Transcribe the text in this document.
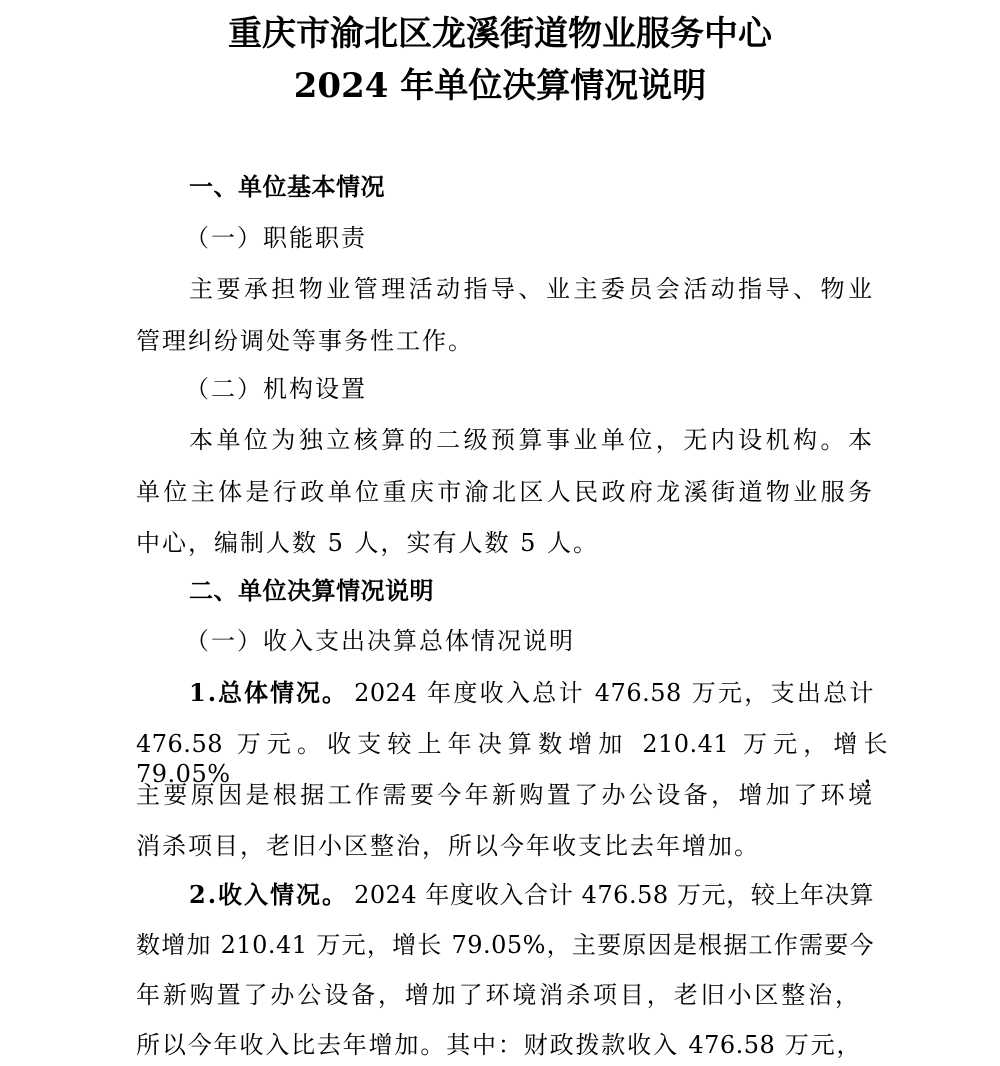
重庆市渝北区龙溪街道物业服务中心
2024 年单位决算情况说明
一、单位基本情况
（一）职能职责
主要承担物业管理活动指导、业主委员会活动指导、物业
管理纠纷调处等事务性工作。
（二）机构设置
本单位为独立核算的二级预算事业单位，无内设机构。本
单位主体是行政单位重庆市渝北区人民政府龙溪街道物业服务
中心，编制人数 5 人，实有人数 5 人。
二、单位决算情况说明
（一）收入支出决算总体情况说明
1.总体情况。 2024 年度收入总计 476.58 万元，支出总计
476.58 万元。收支较上年决算数增加 210.41 万元，增长 79.05%，
主要原因是根据工作需要今年新购置了办公设备，增加了环境
消杀项目，老旧小区整治，所以今年收支比去年增加。
2.收入情况。 2024 年度收入合计 476.58 万元，较上年决算
数增加 210.41 万元，增长 79.05%，主要原因是根据工作需要今
年新购置了办公设备，增加了环境消杀项目，老旧小区整治，
所以今年收入比去年增加。其中：财政拨款收入 476.58 万元，
